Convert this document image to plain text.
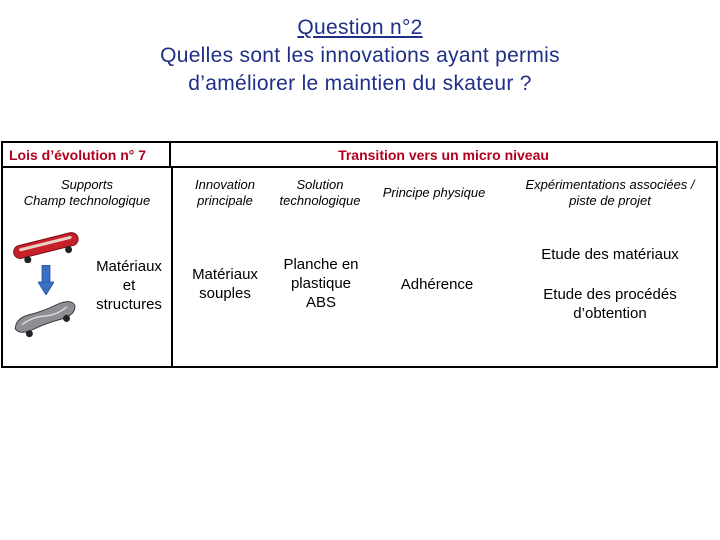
Question n°2
Quelles sont les innovations ayant permis
d’améliorer le maintien du skateur ?
Lois d’évolution n° 7	Transition vers un micro niveau
Supports
Champ technologique
Innovation
principale
Solution
technologique
Principe physique
Expérimentations associées /
piste de projet
Matériaux
et
structures
Matériaux
souples
Planche en
plastique
ABS
Adhérence
Etude des matériaux
Etude des procédés
d’obtention
